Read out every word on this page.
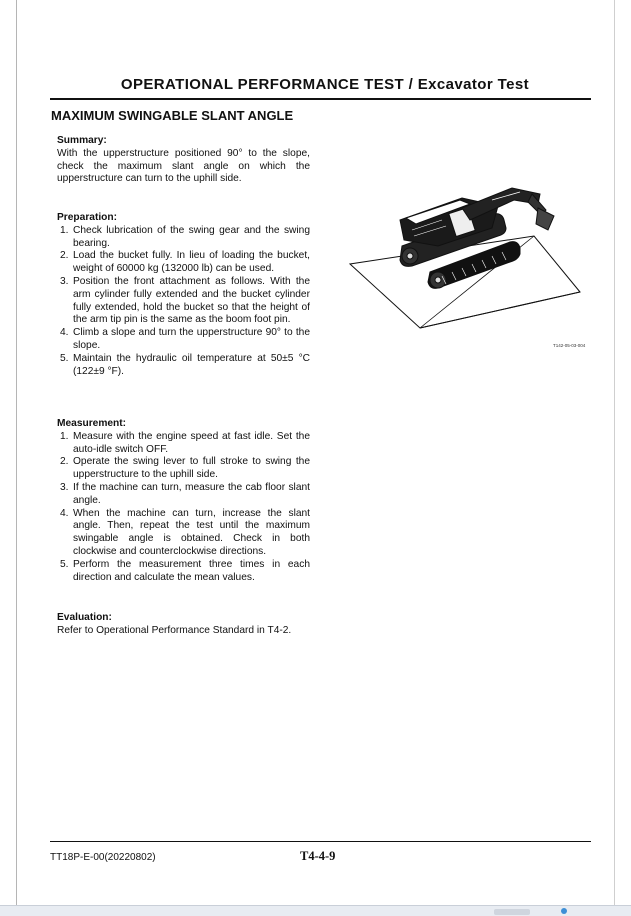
OPERATIONAL PERFORMANCE TEST / Excavator Test
MAXIMUM SWINGABLE SLANT ANGLE
Summary:

With the upperstructure positioned 90° to the slope, check the maximum slant angle on which the upperstructure can turn to the uphill side.

Preparation:
1. Check lubrication of the swing gear and the swing bearing.
2. Load the bucket fully. In lieu of loading the bucket, weight of 60000 kg (132000 lb) can be used.
3. Position the front attachment as follows. With the arm cylinder fully extended and the bucket cylinder fully extended, hold the bucket so that the height of the arm tip pin is the same as the boom foot pin.
4. Climb a slope and turn the upperstructure 90° to the slope.
5. Maintain the hydraulic oil temperature at 50±5 °C (122±9 °F).
Measurement:
1. Measure with the engine speed at fast idle. Set the auto-idle switch OFF.
2. Operate the swing lever to full stroke to swing the upperstructure to the uphill side.
3. If the machine can turn, measure the cab floor slant angle.
4. When the machine can turn, increase the slant angle. Then, repeat the test until the maximum swingable angle is obtained. Check in both clockwise and counterclockwise directions.
5. Perform the measurement three times in each direction and calculate the mean values.
Evaluation:

Refer to Operational Performance Standard in T4-2.

T142-05-03-004
TT18P-E-00(20220802)	T4-4-9
